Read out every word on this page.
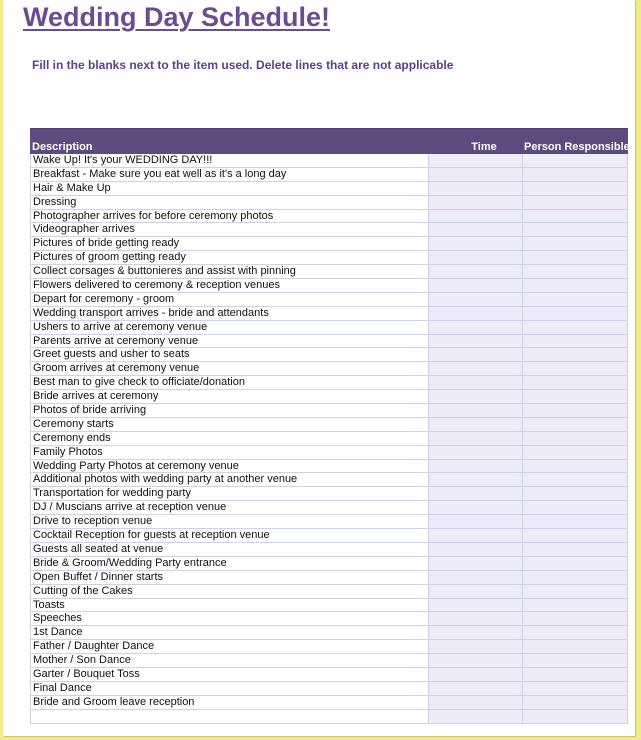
Wedding Day Schedule!
Fill in the blanks next to the item used. Delete lines that are not applicable
Description	Time	Person Responsible
Wake Up! It's your WEDDING DAY!!!
Breakfast - Make sure you eat well as it's a long day
Hair & Make Up
Dressing
Photographer arrives for before ceremony photos
Videographer arrives
Pictures of bride getting ready
Pictures of groom getting ready
Collect corsages & buttonieres and assist with pinning
Flowers delivered to ceremony & reception venues
Depart for ceremony - groom
Wedding transport arrives - bride and attendants
Ushers to arrive at ceremony venue
Parents arrive at ceremony venue
Greet guests and usher to seats
Groom arrives at ceremony venue
Best man to give check to officiate/donation
Bride arrives at ceremony
Photos of bride arriving
Ceremony starts
Ceremony ends
Family Photos
Wedding Party Photos at ceremony venue
Additional photos with wedding party at another venue
Transportation for wedding party
DJ / Muscians arrive at reception venue
Drive to reception venue
Cocktail Reception for guests at reception venue
Guests all seated at venue
Bride & Groom/Wedding Party entrance
Open Buffet / Dinner starts
Cutting of the Cakes
Toasts
Speeches
1st Dance
Father / Daughter Dance
Mother / Son Dance
Garter / Bouquet Toss
Final Dance
Bride and Groom leave reception
